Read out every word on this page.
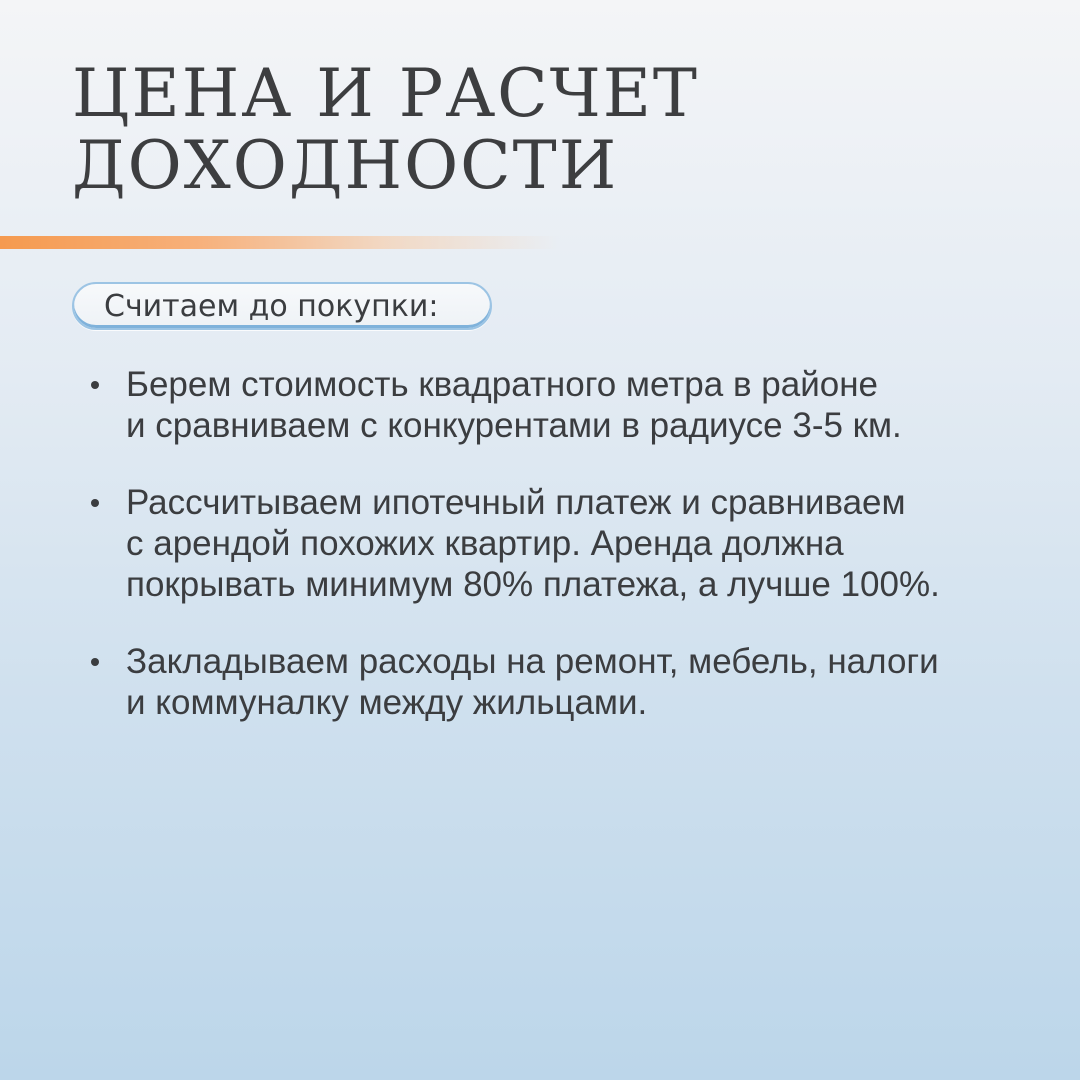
ЦЕНА И РАСЧЕТ
ДОХОДНОСТИ
Считаем до покупки:
Берем стоимость квадратного метра в районе
и сравниваем с конкурентами в радиусе 3-5 км.
Рассчитываем ипотечный платеж и сравниваем
с арендой похожих квартир. Аренда должна
покрывать минимум 80% платежа, а лучше 100%.
Закладываем расходы на ремонт, мебель, налоги
и коммуналку между жильцами.
